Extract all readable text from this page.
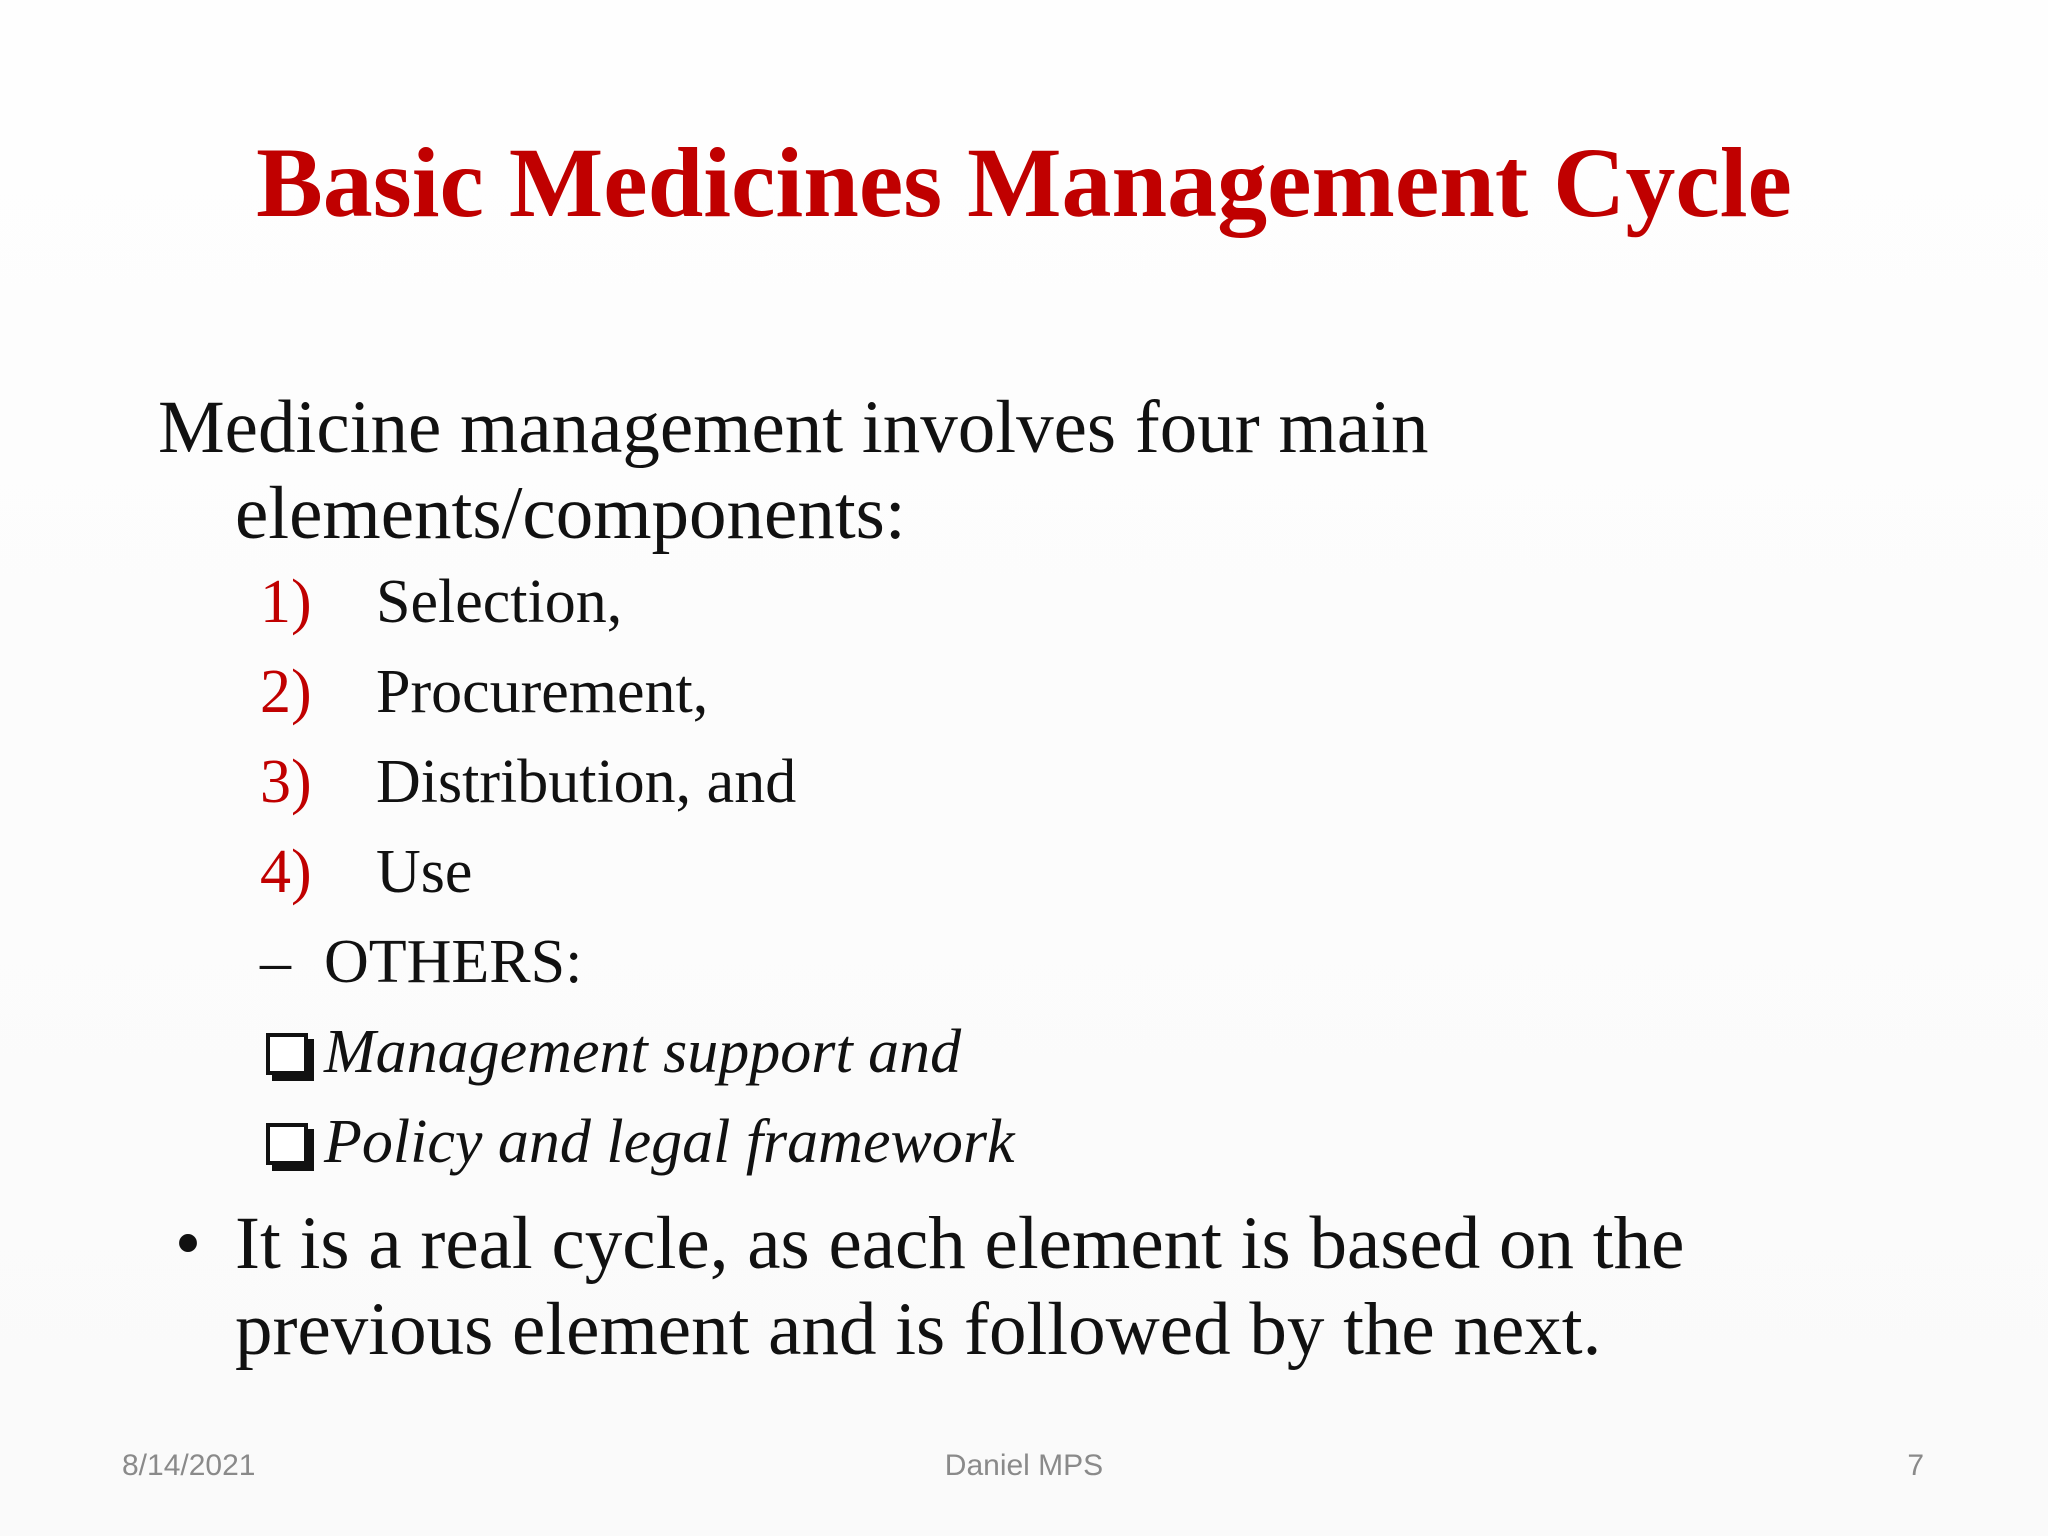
Basic Medicines Management Cycle

Medicine management involves four main elements/components:

1) Selection,
2) Procurement,
3) Distribution, and
4) Use
– OTHERS:
Management support and
Policy and legal framework
• It is a real cycle, as each element is based on the previous element and is followed by the next.
8/14/2021	Daniel MPS	7
